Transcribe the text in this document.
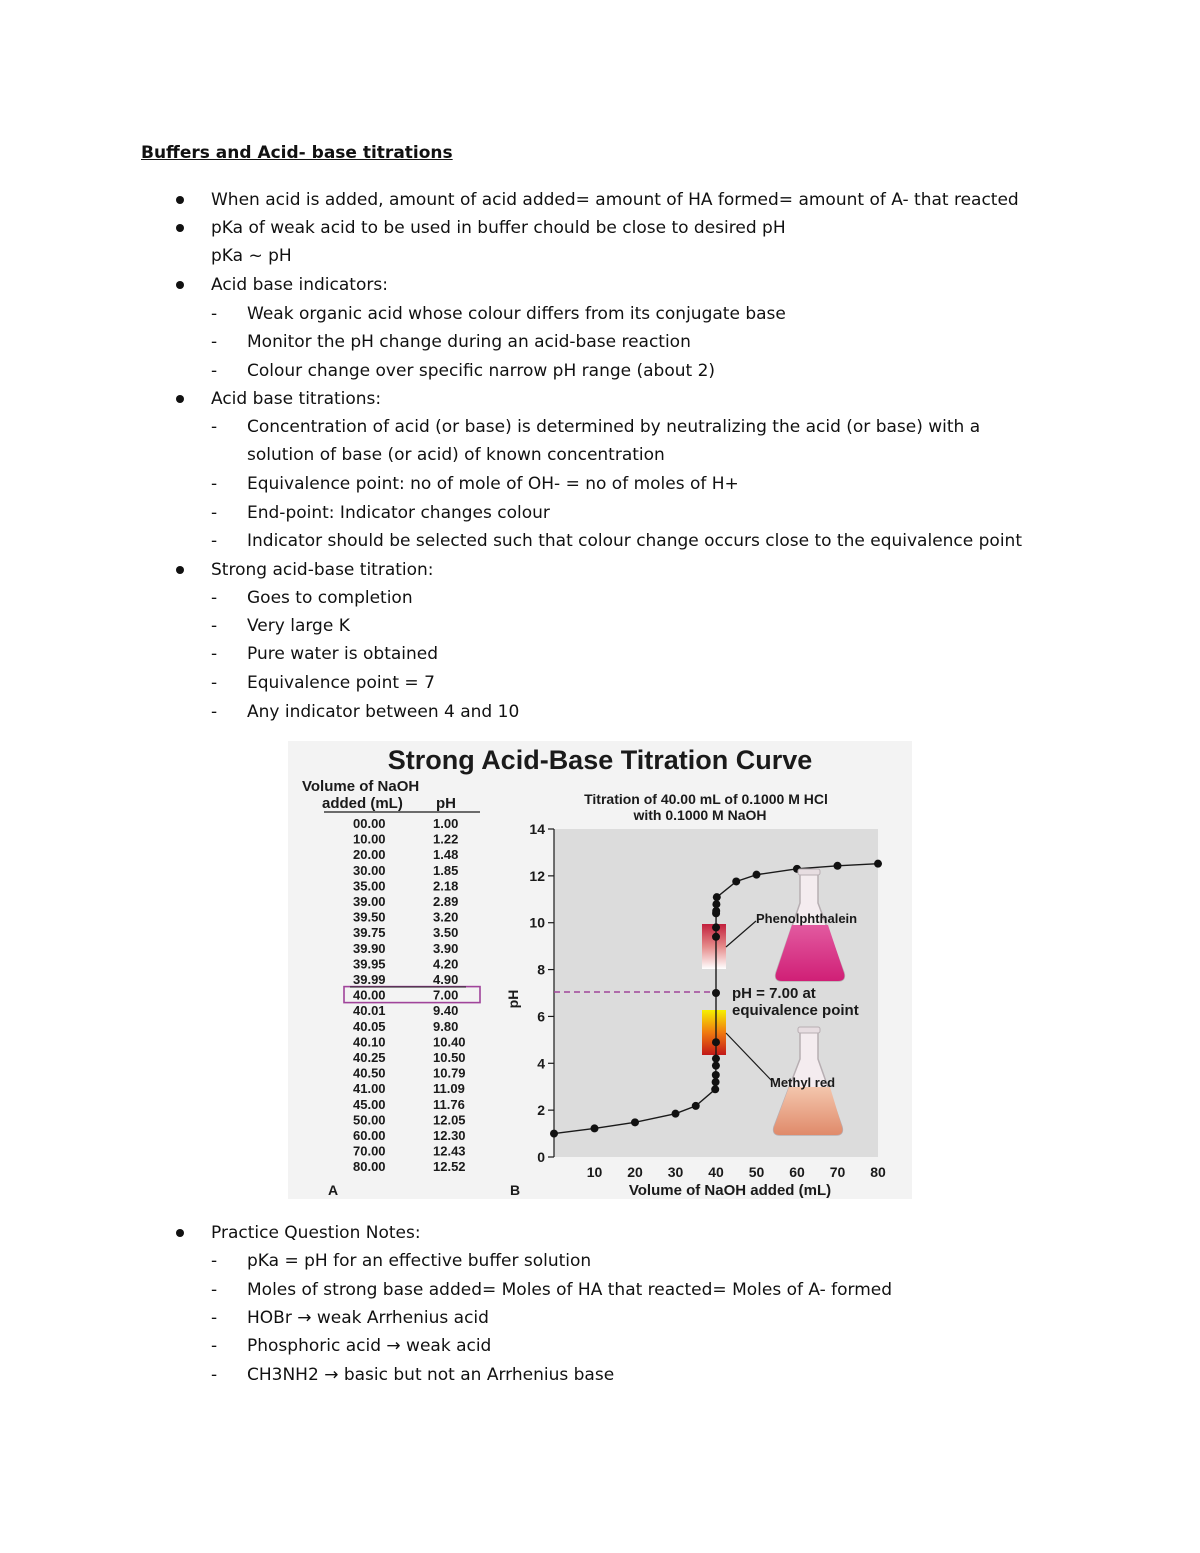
Buffers and Acid- base titrations
When acid is added, amount of acid added= amount of HA formed= amount of A- that reacted
pKa of weak acid to be used in buffer chould be close to desired pH
pKa ~ pH
Acid base indicators:
- Weak organic acid whose colour differs from its conjugate base
- Monitor the pH change during an acid-base reaction
- Colour change over specific narrow pH range (about 2)
Acid base titrations:
- Concentration of acid (or base) is determined by neutralizing the acid (or base) with a
solution of base (or acid) of known concentration
- Equivalence point: no of mole of OH- = no of moles of H+
- End-point: Indicator changes colour
- Indicator should be selected such that colour change occurs close to the equivalence point
Strong acid-base titration:
- Goes to completion
- Very large K
- Pure water is obtained
- Equivalence point = 7
- Any indicator between 4 and 10
Strong Acid-Base Titration Curve
Volume of NaOH
added (mL) pH
00.00	1.00
10.00	1.22
20.00	1.48
30.00	1.85
35.00	2.18
39.00	2.89
39.50	3.20
39.75	3.50
39.90	3.90
39.95	4.20
39.99	4.90
40.00	7.00
40.01	9.40
40.05	9.80
40.10	10.40
40.25	10.50
40.50	10.79
41.00	11.09
45.00	11.76
50.00	12.05
60.00	12.30
70.00	12.43
80.00	12.52
Titration of 40.00 mL of 0.1000 M HCl
with 0.1000 M NaOH
0
2
4
6
8
10
12
14
10 20 30 40 50 60 70 80
pH
Volume of NaOH added (mL)
Phenolphthalein
pH = 7.00 at
equivalence point
Methyl red
A	B
Practice Question Notes:
- pKa = pH for an effective buffer solution
- Moles of strong base added= Moles of HA that reacted= Moles of A- formed
- HOBr → weak Arrhenius acid
- Phosphoric acid → weak acid
- CH3NH2 → basic but not an Arrhenius base
